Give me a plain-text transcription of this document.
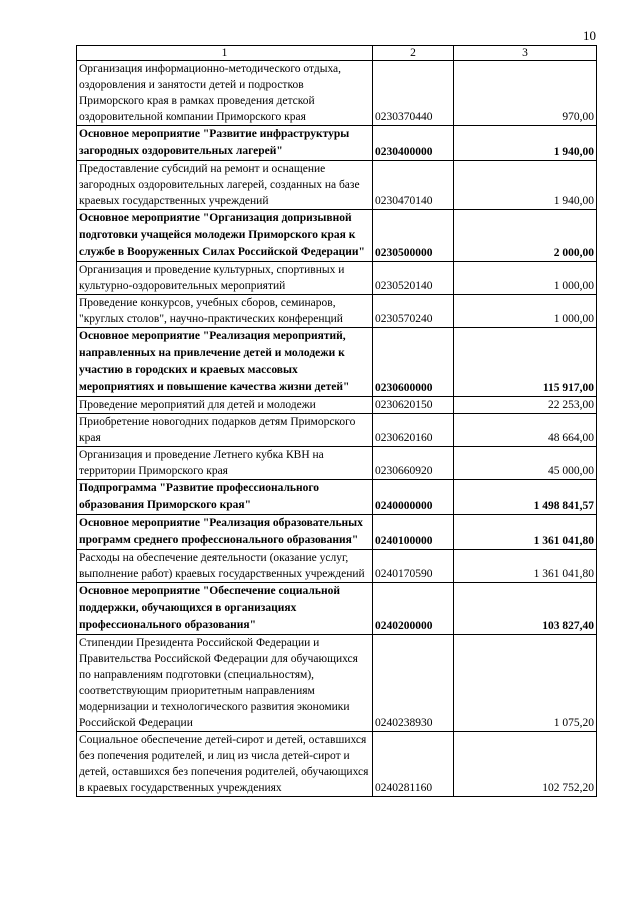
10
1	2	3
Организация информационно-методического отдыха, оздоровления и занятости детей и подростков Приморского края в рамках проведения детской оздоровительной компании Приморского края	0230370440	970,00
Основное мероприятие "Развитие инфраструктуры загородных оздоровительных лагерей"	0230400000	1 940,00
Предоставление субсидий на ремонт и оснащение загородных оздоровительных лагерей, созданных на базе краевых государственных учреждений	0230470140	1 940,00
Основное мероприятие "Организация допризывной подготовки учащейся молодежи Приморского края к службе в Вооруженных Силах Российской Федерации"	0230500000	2 000,00
Организация и проведение культурных, спортивных и культурно-оздоровительных мероприятий	0230520140	1 000,00
Проведение конкурсов, учебных сборов, семинаров, "круглых столов", научно-практических конференций	0230570240	1 000,00
Основное мероприятие "Реализация мероприятий, направленных на привлечение детей и молодежи к участию в городских и краевых массовых мероприятиях и повышение качества жизни детей"	0230600000	115 917,00
Проведение мероприятий для детей и молодежи	0230620150	22 253,00
Приобретение новогодних подарков детям Приморского края	0230620160	48 664,00
Организация и проведение Летнего кубка КВН на территории Приморского края	0230660920	45 000,00
Подпрограмма "Развитие профессионального образования Приморского края"	0240000000	1 498 841,57
Основное мероприятие "Реализация образовательных программ среднего профессионального образования"	0240100000	1 361 041,80
Расходы на обеспечение деятельности (оказание услуг, выполнение работ) краевых государственных учреждений	0240170590	1 361 041,80
Основное мероприятие "Обеспечение социальной поддержки, обучающихся в организациях профессионального образования"	0240200000	103 827,40
Стипендии Президента Российской Федерации и Правительства Российской Федерации для обучающихся по направлениям подготовки (специальностям), соответствующим приоритетным направлениям модернизации и технологического развития экономики Российской Федерации	0240238930	1 075,20
Социальное обеспечение детей-сирот и детей, оставшихся без попечения родителей, и лиц из числа детей-сирот и детей, оставшихся без попечения родителей, обучающихся в краевых государственных учреждениях	0240281160	102 752,20
